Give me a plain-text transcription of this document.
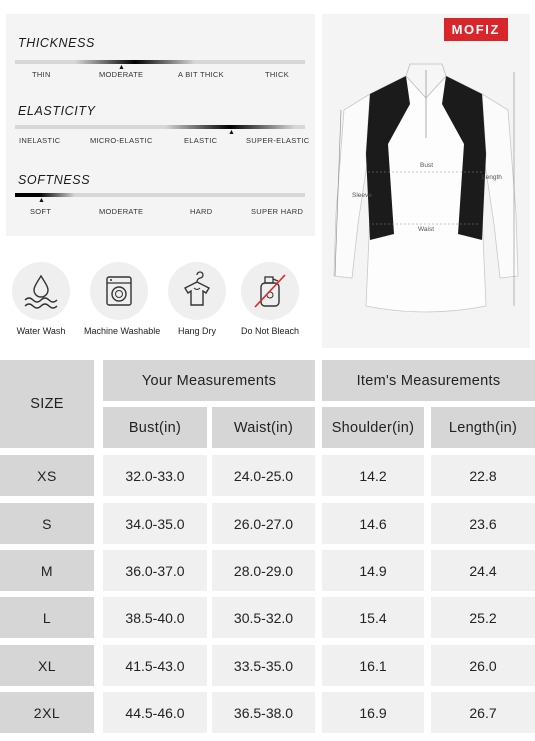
THICKNESS
▲
THIN	MODERATE	A BIT THICK	THICK
ELASTICITY
▲
INELASTIC	MICRO-ELASTIC	ELASTIC	SUPER-ELASTIC
SOFTNESS
▲
SOFT	MODERATE	HARD	SUPER HARD
Water Wash	Machine Washable	Hang Dry	Do Not Bleach
MOFIZ
Bust
Waist
Sleeve
Length
SIZE
Your Measurements	Item's Measurements
Bust(in)	Waist(in)	Shoulder(in)	Length(in)
XS	32.0-33.0	24.0-25.0	14.2	22.8
S	34.0-35.0	26.0-27.0	14.6	23.6
M	36.0-37.0	28.0-29.0	14.9	24.4
L	38.5-40.0	30.5-32.0	15.4	25.2
XL	41.5-43.0	33.5-35.0	16.1	26.0
2XL	44.5-46.0	36.5-38.0	16.9	26.7
